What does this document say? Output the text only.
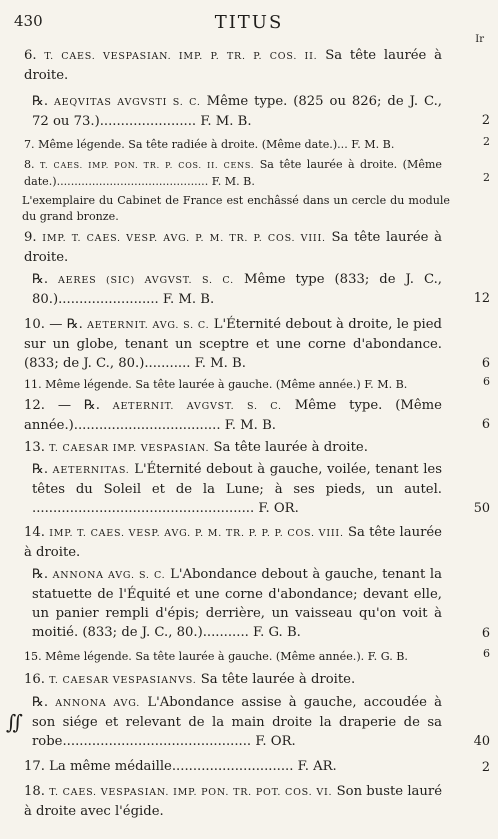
430	TITUS
Ir
6. T. CAES. VESPASIAN. IMP. P. TR. P. COS. II. Sa tête laurée à droite.
℞. AEQVITAS AVGVSTI S. C. Même type. (825 ou 826; de J. C., 72 ou 73.)....................... F. M. B.	2
7. Même légende. Sa tête radiée à droite. (Même date.)... F. M. B.	2
8. T. CAES. IMP. PON. TR. P. COS. II. CENS. Sa tête laurée à droite. (Même date.)........................................... F. M. B.	2
L'exemplaire du Cabinet de France est enchâssé dans un cercle du module du grand bronze.
9. IMP. T. CAES. VESP. AVG. P. M. TR. P. COS. VIII. Sa tête laurée à droite.
℞. AERES (SIC) AVGVST. S. C. Même type (833; de J. C., 80.)........................ F. M. B.	12
10. — ℞. AETERNIT. AVG. S. C. L'Éternité debout à droite, le pied sur un globe, tenant un sceptre et une corne d'abondance. (833; de J. C., 80.)........... F. M. B.	6
11. Même légende. Sa tête laurée à gauche. (Même année.) F. M. B.	6
12. — ℞. AETERNIT. AVGVST. S. C. Même type. (Même année.)................................... F. M. B.	6
13. T. CAESAR IMP. VESPASIAN. Sa tête laurée à droite.
℞. AETERNITAS. L'Éternité debout à gauche, voilée, tenant les têtes du Soleil et de la Lune; à ses pieds, un autel. ..................................................... F. OR.	50
14. IMP. T. CAES. VESP. AVG. P. M. TR. P. P. P. COS. VIII. Sa tête laurée à droite.
℞. ANNONA AVG. S. C. L'Abondance debout à gauche, tenant la statuette de l'Équité et une corne d'abondance; devant elle, un panier rempli d'épis; derrière, un vaisseau qu'on voit à moitié. (833; de J. C., 80.)........... F. G. B.	6
15. Même légende. Sa tête laurée à gauche. (Même année.). F. G. B.	6
16. T. CAESAR VESPASIANVS. Sa tête laurée à droite.
℞. ANNONA AVG. L'Abondance assise à gauche, accoudée à son siége et relevant de la main droite la draperie de sa robe............................................. F. OR.	40
17. La même médaille............................. F. AR.	2
18. T. CAES. VESPASIAN. IMP. PON. TR. POT. COS. VI. Son buste lauré à droite avec l'égide.
∬
